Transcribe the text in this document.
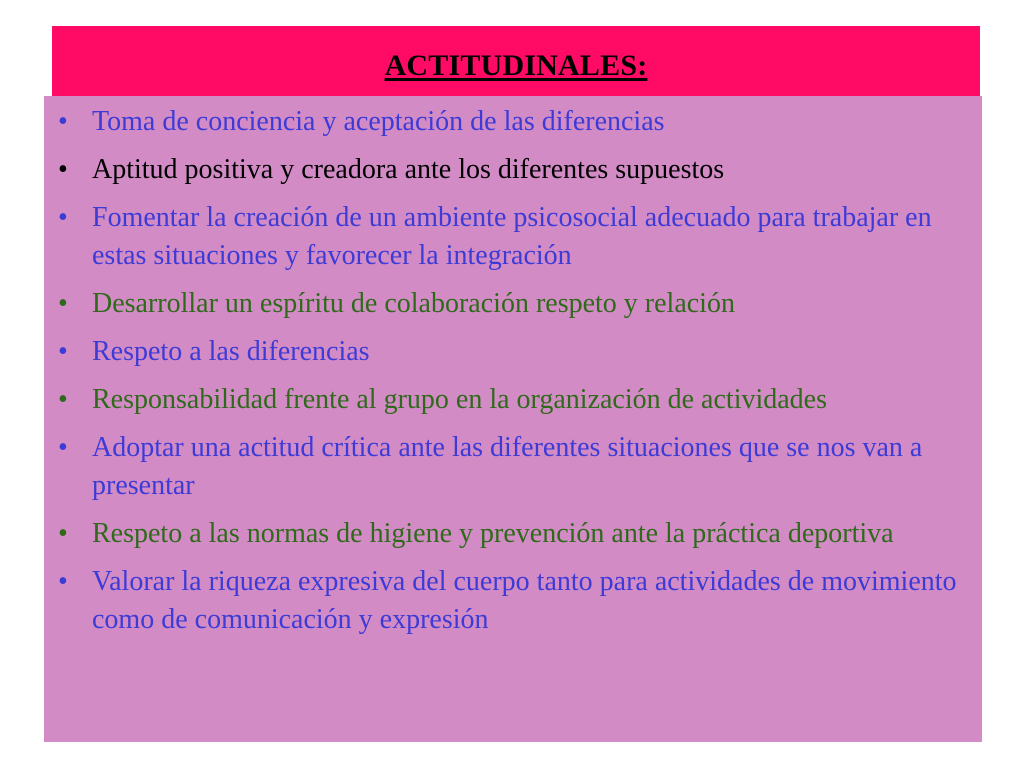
ACTITUDINALES:
• Toma de conciencia y aceptación de las diferencias
• Aptitud positiva y creadora ante los diferentes supuestos
• Fomentar la creación de un ambiente psicosocial adecuado para trabajar en estas situaciones y favorecer la integración
• Desarrollar un espíritu de colaboración respeto y relación
• Respeto a las diferencias
• Responsabilidad frente al grupo en la organización de actividades
• Adoptar una actitud crítica ante las diferentes situaciones que se nos van a presentar
• Respeto a las normas de higiene y prevención ante la práctica deportiva
• Valorar la riqueza expresiva del cuerpo tanto para actividades de movimiento como de comunicación y expresión
